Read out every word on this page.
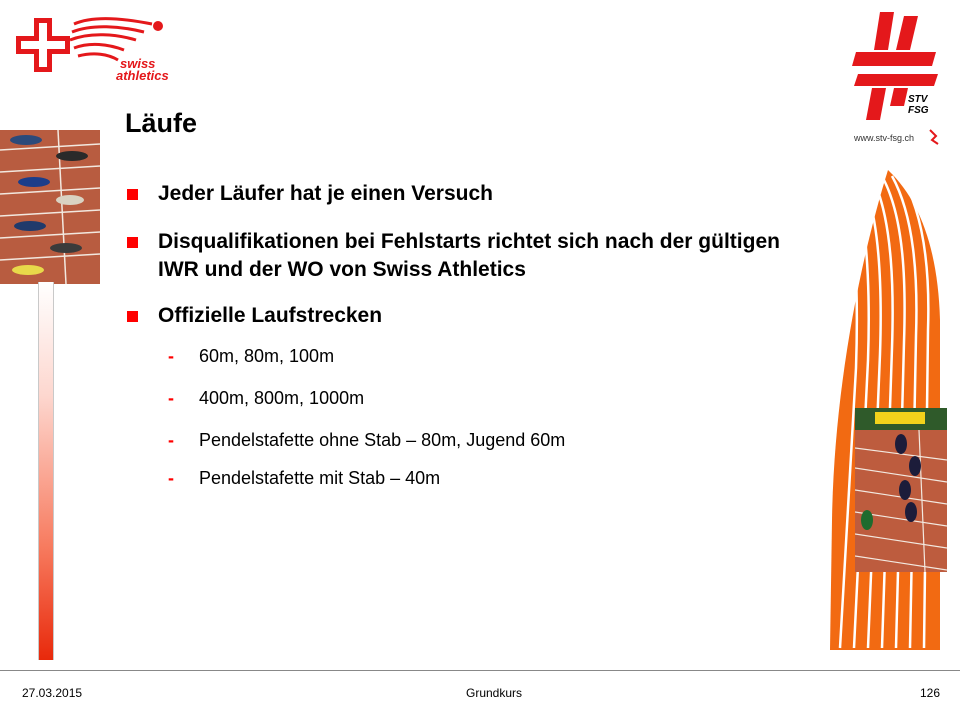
swiss
athletics
STV
FSG
www.stv-fsg.ch
Läufe
Jeder Läufer hat je einen Versuch
Disqualifikationen bei Fehlstarts richtet sich nach der gültigen IWR und der WO von Swiss Athletics
Offizielle Laufstrecken
- 60m, 80m, 100m
- 400m, 800m, 1000m
- Pendelstafette ohne Stab – 80m, Jugend 60m
- Pendelstafette mit Stab – 40m
27.03.2015	Grundkurs	126
